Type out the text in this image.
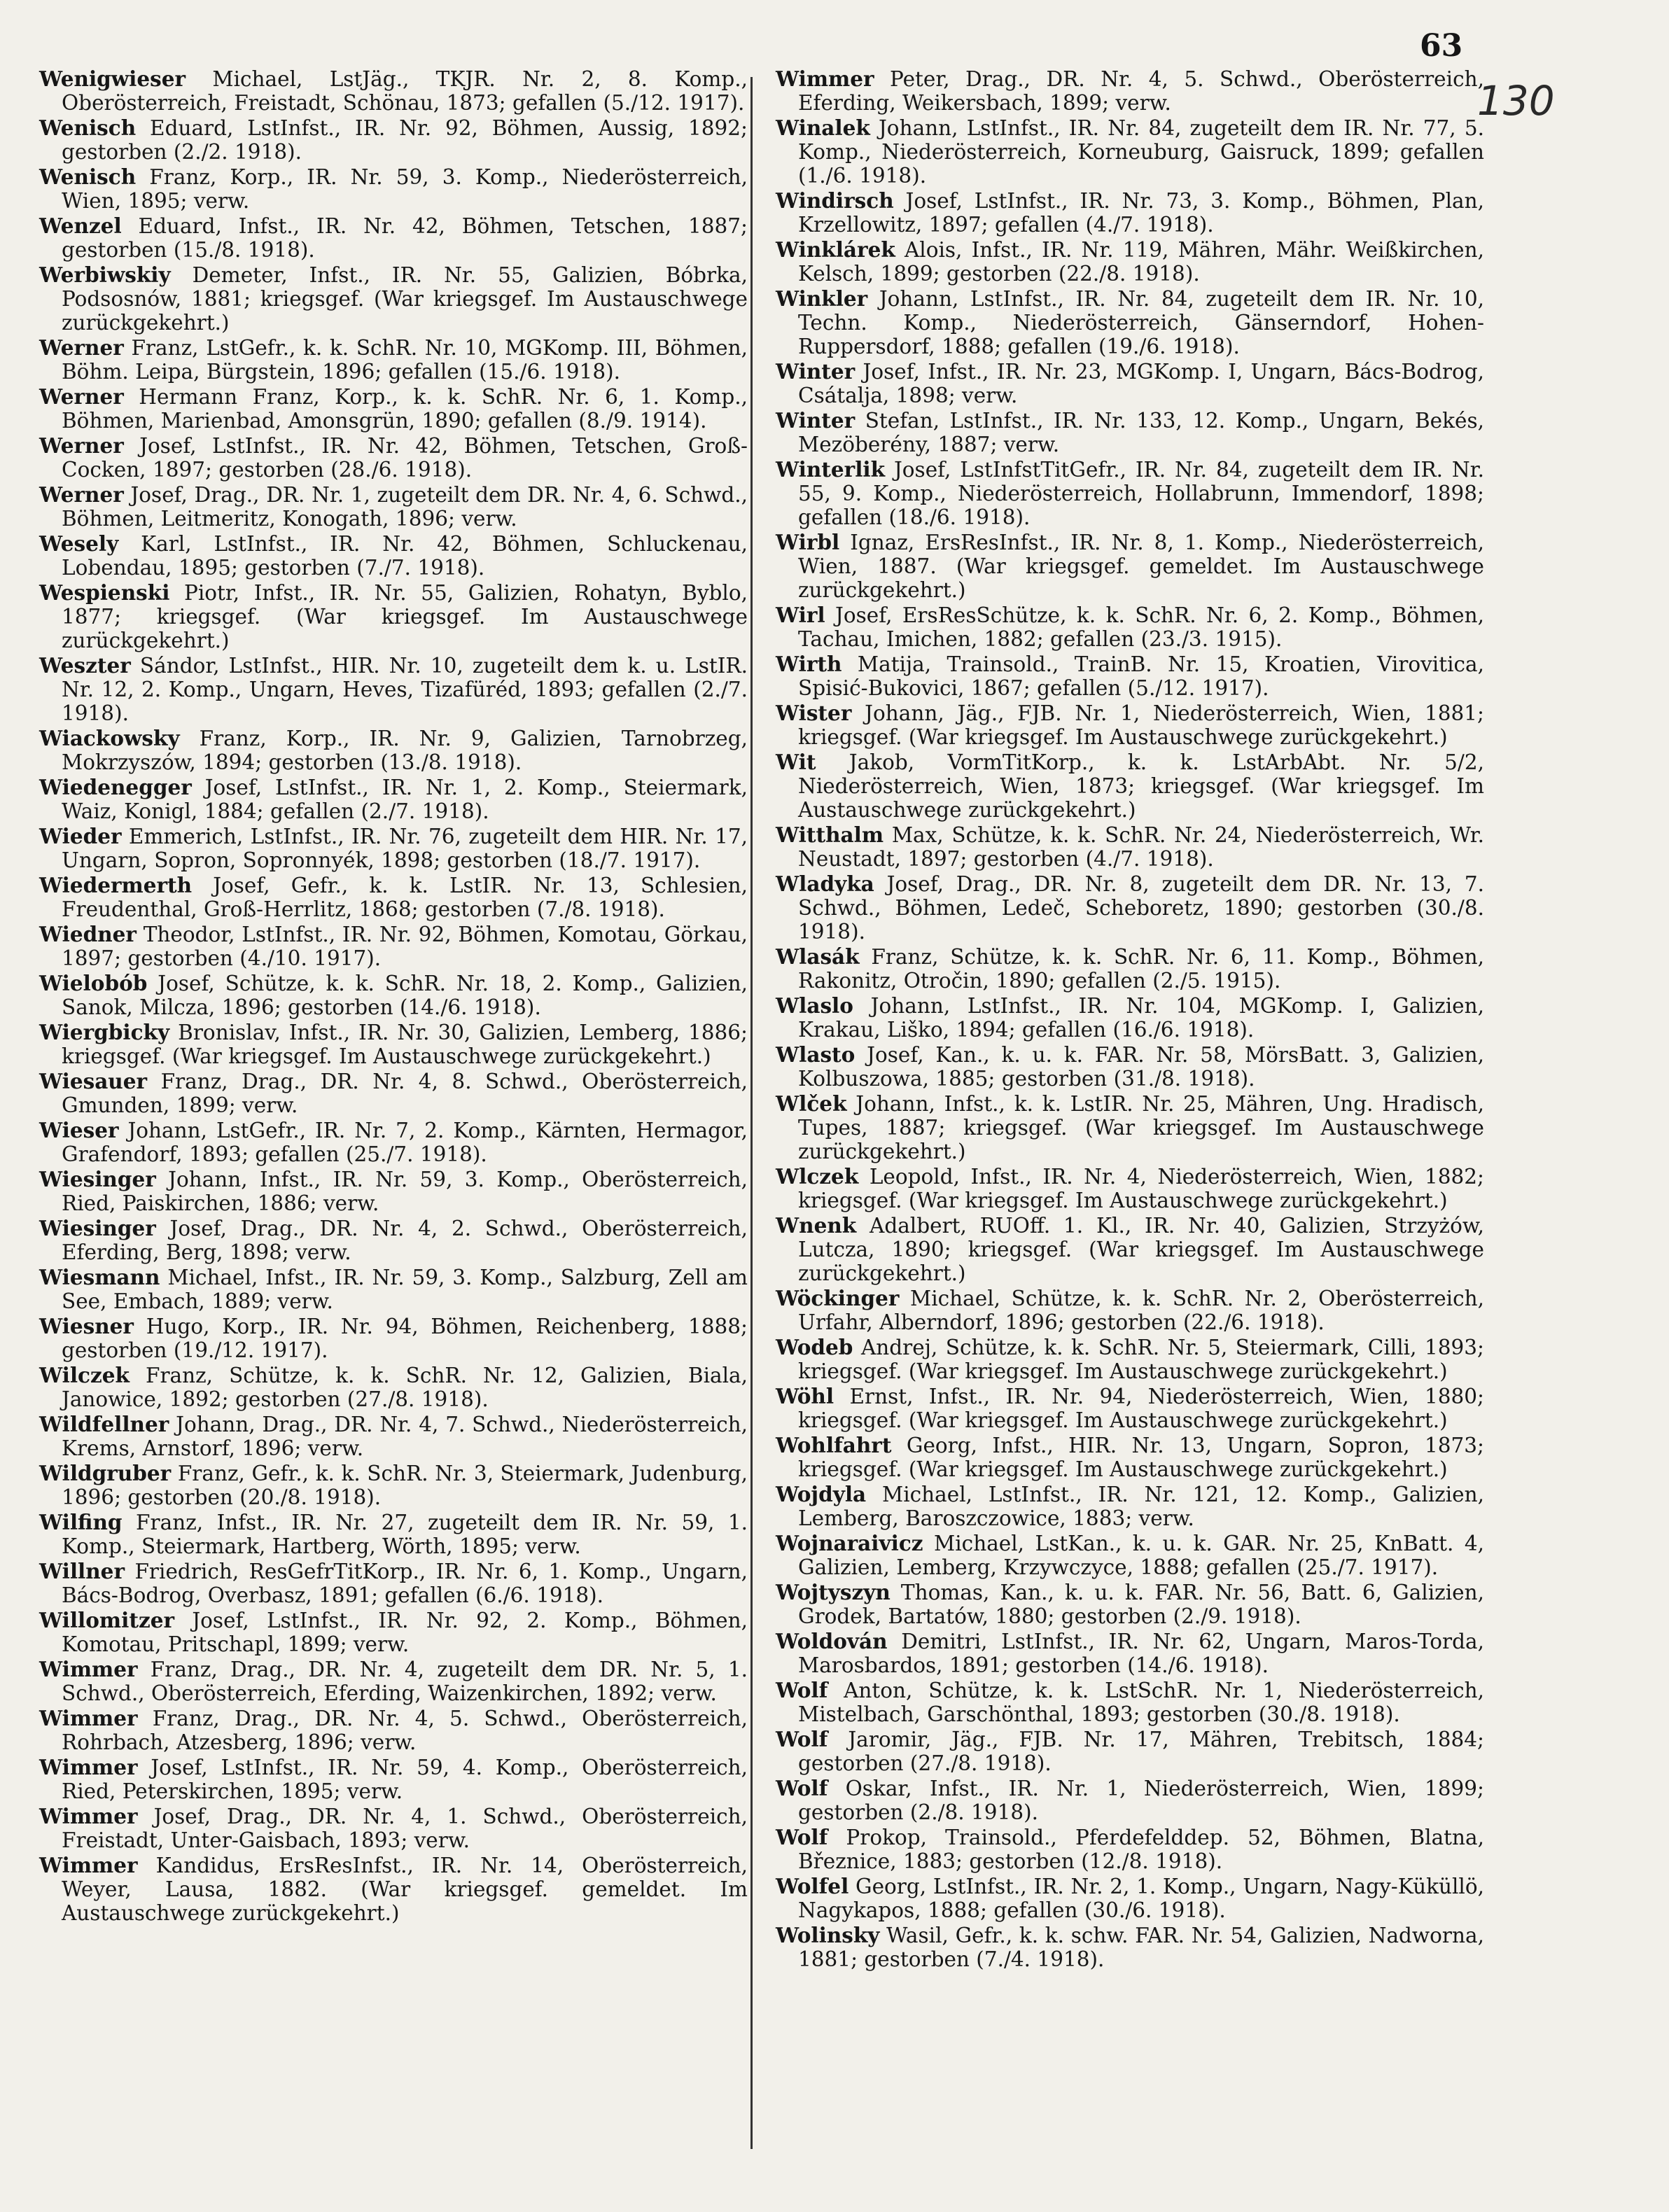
63
130

Wenigwieser Michael, LstJäg., TKJR. Nr. 2, 8. Komp., Oberösterreich, Freistadt, Schönau, 1873; gefallen (5./12. 1917).

Wenisch Eduard, LstInfst., IR. Nr. 92, Böhmen, Aussig, 1892; gestorben (2./2. 1918).

Wenisch Franz, Korp., IR. Nr. 59, 3. Komp., Niederösterreich, Wien, 1895; verw.

Wenzel Eduard, Infst., IR. Nr. 42, Böhmen, Tetschen, 1887; gestorben (15./8. 1918).

Werbiwskiy Demeter, Infst., IR. Nr. 55, Galizien, Bóbrka, Podsosnów, 1881; kriegsgef. (War kriegsgef. Im Austauschwege zurückgekehrt.)

Werner Franz, LstGefr., k. k. SchR. Nr. 10, MGKomp. III, Böhmen, Böhm. Leipa, Bürgstein, 1896; gefallen (15./6. 1918).

Werner Hermann Franz, Korp., k. k. SchR. Nr. 6, 1. Komp., Böhmen, Marienbad, Amonsgrün, 1890; gefallen (8./9. 1914).

Werner Josef, LstInfst., IR. Nr. 42, Böhmen, Tetschen, Groß-Cocken, 1897; gestorben (28./6. 1918).

Werner Josef, Drag., DR. Nr. 1, zugeteilt dem DR. Nr. 4, 6. Schwd., Böhmen, Leitmeritz, Konogath, 1896; verw.

Wesely Karl, LstInfst., IR. Nr. 42, Böhmen, Schluckenau, Lobendau, 1895; gestorben (7./7. 1918).

Wespienski Piotr, Infst., IR. Nr. 55, Galizien, Rohatyn, Byblo, 1877; kriegsgef. (War kriegsgef. Im Austauschwege zurückgekehrt.)

Weszter Sándor, LstInfst., HIR. Nr. 10, zugeteilt dem k. u. LstIR. Nr. 12, 2. Komp., Ungarn, Heves, Tizafüréd, 1893; gefallen (2./7. 1918).

Wiackowsky Franz, Korp., IR. Nr. 9, Galizien, Tarnobrzeg, Mokrzyszów, 1894; gestorben (13./8. 1918).

Wiedenegger Josef, LstInfst., IR. Nr. 1, 2. Komp., Steiermark, Waiz, Konigl, 1884; gefallen (2./7. 1918).

Wieder Emmerich, LstInfst., IR. Nr. 76, zugeteilt dem HIR. Nr. 17, Ungarn, Sopron, Sopronnyék, 1898; gestorben (18./7. 1917).

Wiedermerth Josef, Gefr., k. k. LstIR. Nr. 13, Schlesien, Freudenthal, Groß-Herrlitz, 1868; gestorben (7./8. 1918).

Wiedner Theodor, LstInfst., IR. Nr. 92, Böhmen, Komotau, Görkau, 1897; gestorben (4./10. 1917).

Wielobób Josef, Schütze, k. k. SchR. Nr. 18, 2. Komp., Galizien, Sanok, Milcza, 1896; gestorben (14./6. 1918).

Wiergbicky Bronislav, Infst., IR. Nr. 30, Galizien, Lemberg, 1886; kriegsgef. (War kriegsgef. Im Austauschwege zurückgekehrt.)

Wiesauer Franz, Drag., DR. Nr. 4, 8. Schwd., Oberösterreich, Gmunden, 1899; verw.

Wieser Johann, LstGefr., IR. Nr. 7, 2. Komp., Kärnten, Hermagor, Grafendorf, 1893; gefallen (25./7. 1918).

Wiesinger Johann, Infst., IR. Nr. 59, 3. Komp., Oberösterreich, Ried, Paiskirchen, 1886; verw.

Wiesinger Josef, Drag., DR. Nr. 4, 2. Schwd., Oberösterreich, Eferding, Berg, 1898; verw.

Wiesmann Michael, Infst., IR. Nr. 59, 3. Komp., Salzburg, Zell am See, Embach, 1889; verw.

Wiesner Hugo, Korp., IR. Nr. 94, Böhmen, Reichenberg, 1888; gestorben (19./12. 1917).

Wilczek Franz, Schütze, k. k. SchR. Nr. 12, Galizien, Biala, Janowice, 1892; gestorben (27./8. 1918).

Wildfellner Johann, Drag., DR. Nr. 4, 7. Schwd., Niederösterreich, Krems, Arnstorf, 1896; verw.

Wildgruber Franz, Gefr., k. k. SchR. Nr. 3, Steiermark, Judenburg, 1896; gestorben (20./8. 1918).

Wilfing Franz, Infst., IR. Nr. 27, zugeteilt dem IR. Nr. 59, 1. Komp., Steiermark, Hartberg, Wörth, 1895; verw.

Willner Friedrich, ResGefrTitKorp., IR. Nr. 6, 1. Komp., Ungarn, Bács-Bodrog, Overbasz, 1891; gefallen (6./6. 1918).

Willomitzer Josef, LstInfst., IR. Nr. 92, 2. Komp., Böhmen, Komotau, Pritschapl, 1899; verw.

Wimmer Franz, Drag., DR. Nr. 4, zugeteilt dem DR. Nr. 5, 1. Schwd., Oberösterreich, Eferding, Waizenkirchen, 1892; verw.

Wimmer Franz, Drag., DR. Nr. 4, 5. Schwd., Oberösterreich, Rohrbach, Atzesberg, 1896; verw.

Wimmer Josef, LstInfst., IR. Nr. 59, 4. Komp., Oberösterreich, Ried, Peterskirchen, 1895; verw.

Wimmer Josef, Drag., DR. Nr. 4, 1. Schwd., Oberösterreich, Freistadt, Unter-Gaisbach, 1893; verw.

Wimmer Kandidus, ErsResInfst., IR. Nr. 14, Oberösterreich, Weyer, Lausa, 1882. (War kriegsgef. gemeldet. Im Austauschwege zurückgekehrt.)

Wimmer Peter, Drag., DR. Nr. 4, 5. Schwd., Oberösterreich, Eferding, Weikersbach, 1899; verw.

Winalek Johann, LstInfst., IR. Nr. 84, zugeteilt dem IR. Nr. 77, 5. Komp., Niederösterreich, Korneuburg, Gaisruck, 1899; gefallen (1./6. 1918).

Windirsch Josef, LstInfst., IR. Nr. 73, 3. Komp., Böhmen, Plan, Krzellowitz, 1897; gefallen (4./7. 1918).

Winklárek Alois, Infst., IR. Nr. 119, Mähren, Mähr. Weißkirchen, Kelsch, 1899; gestorben (22./8. 1918).

Winkler Johann, LstInfst., IR. Nr. 84, zugeteilt dem IR. Nr. 10, Techn. Komp., Niederösterreich, Gänserndorf, Hohen-Ruppersdorf, 1888; gefallen (19./6. 1918).

Winter Josef, Infst., IR. Nr. 23, MGKomp. I, Ungarn, Bács-Bodrog, Csátalja, 1898; verw.

Winter Stefan, LstInfst., IR. Nr. 133, 12. Komp., Ungarn, Bekés, Mezöberény, 1887; verw.

Winterlik Josef, LstInfstTitGefr., IR. Nr. 84, zugeteilt dem IR. Nr. 55, 9. Komp., Niederösterreich, Hollabrunn, Immendorf, 1898; gefallen (18./6. 1918).

Wirbl Ignaz, ErsResInfst., IR. Nr. 8, 1. Komp., Niederösterreich, Wien, 1887. (War kriegsgef. gemeldet. Im Austauschwege zurückgekehrt.)

Wirl Josef, ErsResSchütze, k. k. SchR. Nr. 6, 2. Komp., Böhmen, Tachau, Imichen, 1882; gefallen (23./3. 1915).

Wirth Matija, Trainsold., TrainB. Nr. 15, Kroatien, Virovitica, Spisić-Bukovici, 1867; gefallen (5./12. 1917).

Wister Johann, Jäg., FJB. Nr. 1, Niederösterreich, Wien, 1881; kriegsgef. (War kriegsgef. Im Austauschwege zurückgekehrt.)

Wit Jakob, VormTitKorp., k. k. LstArbAbt. Nr. 5/2, Niederösterreich, Wien, 1873; kriegsgef. (War kriegsgef. Im Austauschwege zurückgekehrt.)

Witthalm Max, Schütze, k. k. SchR. Nr. 24, Niederösterreich, Wr. Neustadt, 1897; gestorben (4./7. 1918).

Wladyka Josef, Drag., DR. Nr. 8, zugeteilt dem DR. Nr. 13, 7. Schwd., Böhmen, Ledeč, Scheboretz, 1890; gestorben (30./8. 1918).

Wlasák Franz, Schütze, k. k. SchR. Nr. 6, 11. Komp., Böhmen, Rakonitz, Otročin, 1890; gefallen (2./5. 1915).

Wlaslo Johann, LstInfst., IR. Nr. 104, MGKomp. I, Galizien, Krakau, Liško, 1894; gefallen (16./6. 1918).

Wlasto Josef, Kan., k. u. k. FAR. Nr. 58, MörsBatt. 3, Galizien, Kolbuszowa, 1885; gestorben (31./8. 1918).

Wlček Johann, Infst., k. k. LstIR. Nr. 25, Mähren, Ung. Hradisch, Tupes, 1887; kriegsgef. (War kriegsgef. Im Austauschwege zurückgekehrt.)

Wlczek Leopold, Infst., IR. Nr. 4, Niederösterreich, Wien, 1882; kriegsgef. (War kriegsgef. Im Austauschwege zurückgekehrt.)

Wnenk Adalbert, RUOff. 1. Kl., IR. Nr. 40, Galizien, Strzyżów, Lutcza, 1890; kriegsgef. (War kriegsgef. Im Austauschwege zurückgekehrt.)

Wöckinger Michael, Schütze, k. k. SchR. Nr. 2, Oberösterreich, Urfahr, Alberndorf, 1896; gestorben (22./6. 1918).

Wodeb Andrej, Schütze, k. k. SchR. Nr. 5, Steiermark, Cilli, 1893; kriegsgef. (War kriegsgef. Im Austauschwege zurückgekehrt.)

Wöhl Ernst, Infst., IR. Nr. 94, Niederösterreich, Wien, 1880; kriegsgef. (War kriegsgef. Im Austauschwege zurückgekehrt.)

Wohlfahrt Georg, Infst., HIR. Nr. 13, Ungarn, Sopron, 1873; kriegsgef. (War kriegsgef. Im Austauschwege zurückgekehrt.)

Wojdyla Michael, LstInfst., IR. Nr. 121, 12. Komp., Galizien, Lemberg, Baroszczowice, 1883; verw.

Wojnaraivicz Michael, LstKan., k. u. k. GAR. Nr. 25, KnBatt. 4, Galizien, Lemberg, Krzywczyce, 1888; gefallen (25./7. 1917).

Wojtyszyn Thomas, Kan., k. u. k. FAR. Nr. 56, Batt. 6, Galizien, Grodek, Bartatów, 1880; gestorben (2./9. 1918).

Woldován Demitri, LstInfst., IR. Nr. 62, Ungarn, Maros-Torda, Marosbardos, 1891; gestorben (14./6. 1918).

Wolf Anton, Schütze, k. k. LstSchR. Nr. 1, Niederösterreich, Mistelbach, Garschönthal, 1893; gestorben (30./8. 1918).

Wolf Jaromir, Jäg., FJB. Nr. 17, Mähren, Trebitsch, 1884; gestorben (27./8. 1918).

Wolf Oskar, Infst., IR. Nr. 1, Niederösterreich, Wien, 1899; gestorben (2./8. 1918).

Wolf Prokop, Trainsold., Pferdefelddep. 52, Böhmen, Blatna, Březnice, 1883; gestorben (12./8. 1918).

Wolfel Georg, LstInfst., IR. Nr. 2, 1. Komp., Ungarn, Nagy-Küküllö, Nagykapos, 1888; gefallen (30./6. 1918).

Wolinsky Wasil, Gefr., k. k. schw. FAR. Nr. 54, Galizien, Nadworna, 1881; gestorben (7./4. 1918).
